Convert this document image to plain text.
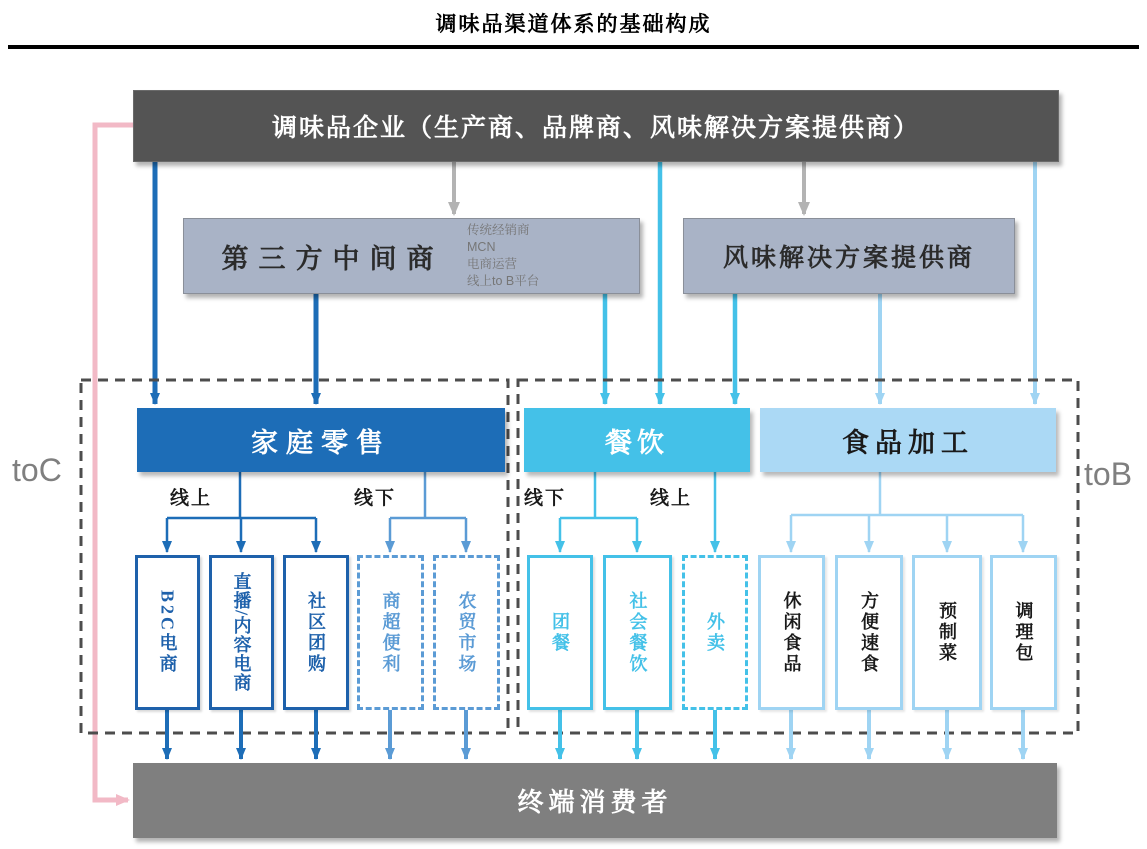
调味品渠道体系的基础构成
调味品企业（生产商、品牌商、风味解决方案提供商）
第三方中间商
传统经销商
MCN
电商运营
线上to B平台
风味解决方案提供商
toC	toB
家庭零售	餐饮	食品加工
线上	线下	线下	线上
B2C电商	直播/内容电商	社区团购	商超便利	农贸市场	团餐	社会餐饮	外卖	休闲食品	方便速食	预制菜	调理包
终端消费者
